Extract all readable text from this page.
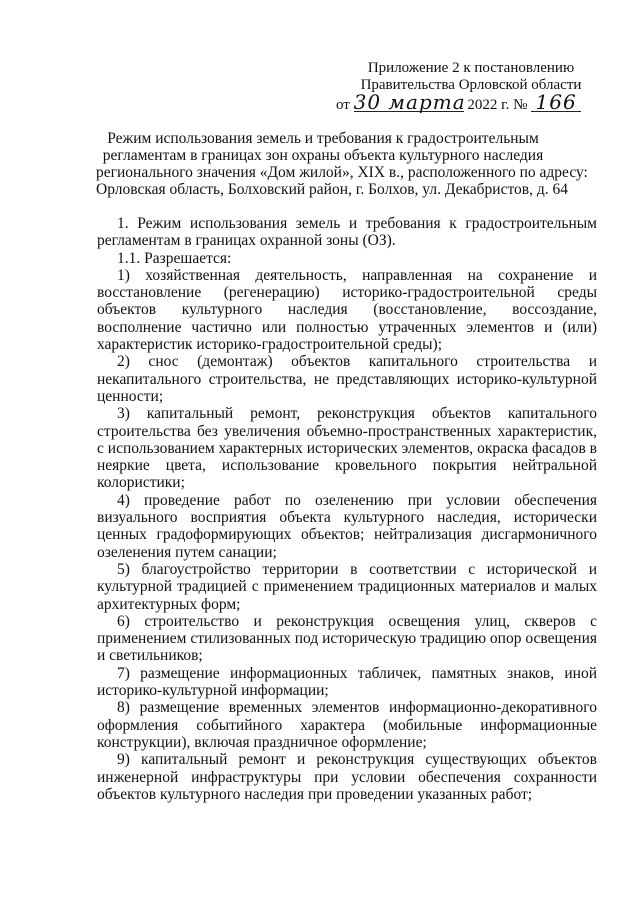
Приложение 2 к постановлению
Правительства Орловской области
от 30 марта 2022 г. № 166
Режим использования земель и требования к градостроительным
регламентам в границах зон охраны объекта культурного наследия
регионального значения «Дом жилой», XIX в., расположенного по адресу:
Орловская область, Болховский район, г. Болхов, ул. Декабристов, д. 64

1. Режим использования земель и требования к градостроительным регламентам в границах охранной зоны (ОЗ).

1.1. Разрешается:

1) хозяйственная деятельность, направленная на сохранение и восстановление (регенерацию) историко-градостроительной среды объектов культурного наследия (восстановление, воссоздание, восполнение частично или полностью утраченных элементов и (или) характеристик историко-градостроительной среды);

2) снос (демонтаж) объектов капитального строительства и некапитального строительства, не представляющих историко-культурной ценности;

3) капитальный ремонт, реконструкция объектов капитального строительства без увеличения объемно-пространственных характеристик, с использованием характерных исторических элементов, окраска фасадов в неяркие цвета, использование кровельного покрытия нейтральной колористики;

4) проведение работ по озеленению при условии обеспечения визуального восприятия объекта культурного наследия, исторически ценных градоформирующих объектов; нейтрализация дисгармоничного озеленения путем санации;

5) благоустройство территории в соответствии с исторической и культурной традицией с применением традиционных материалов и малых архитектурных форм;

6) строительство и реконструкция освещения улиц, скверов с применением стилизованных под историческую традицию опор освещения и светильников;

7) размещение информационных табличек, памятных знаков, иной историко-культурной информации;

8) размещение временных элементов информационно-декоративного оформления событийного характера (мобильные информационные конструкции), включая праздничное оформление;

9) капитальный ремонт и реконструкция существующих объектов инженерной инфраструктуры при условии обеспечения сохранности объектов культурного наследия при проведении указанных работ;
